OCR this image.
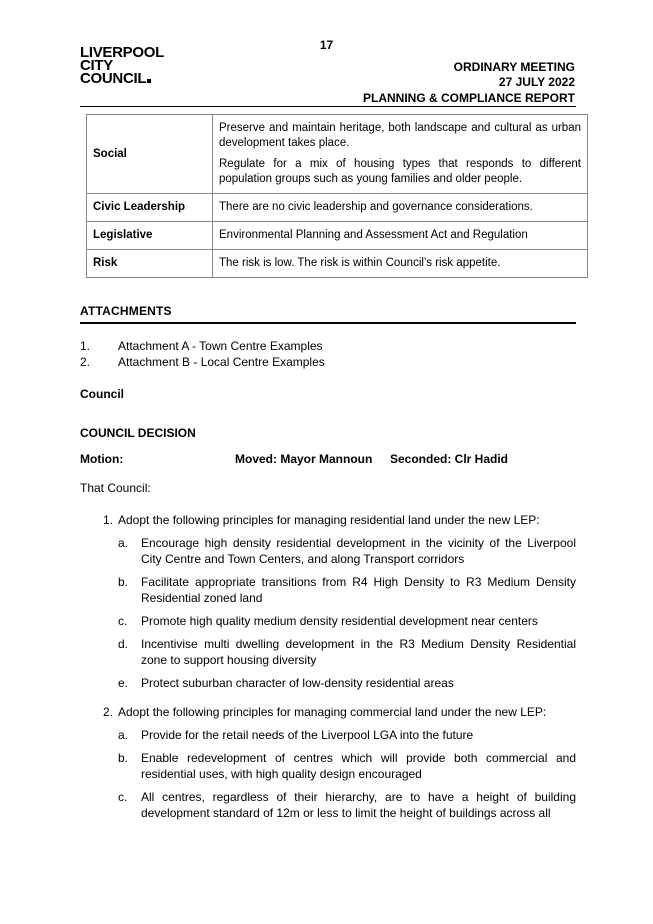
17
LIVERPOOL
CITY
COUNCIL
ORDINARY MEETING
27 JULY 2022
PLANNING & COMPLIANCE REPORT
Social	Preserve and maintain heritage, both landscape and cultural as urban development takes place.

Regulate for a mix of housing types that responds to different population groups such as young families and older people.

Civic Leadership	There are no civic leadership and governance considerations.

Legislative	Environmental Planning and Assessment Act and Regulation

Risk	The risk is low. The risk is within Council’s risk appetite.

ATTACHMENTS
1. Attachment A - Town Centre Examples
2. Attachment B - Local Centre Examples
Council
COUNCIL DECISION
Motion:	Moved: Mayor Mannoun Seconded: Clr Hadid
That Council:
1. Adopt the following principles for managing residential land under the new LEP:
a.	Encourage high density residential development in the vicinity of the Liverpool City Centre and Town Centers, and along Transport corridors
b.	Facilitate appropriate transitions from R4 High Density to R3 Medium Density Residential zoned land
c.	Promote high quality medium density residential development near centers
d.	Incentivise multi dwelling development in the R3 Medium Density Residential zone to support housing diversity
e.	Protect suburban character of low-density residential areas
2. Adopt the following principles for managing commercial land under the new LEP:
a.	Provide for the retail needs of the Liverpool LGA into the future
b.	Enable redevelopment of centres which will provide both commercial and residential uses, with high quality design encouraged
c.	All centres, regardless of their hierarchy, are to have a height of building development standard of 12m or less to limit the height of buildings across all
